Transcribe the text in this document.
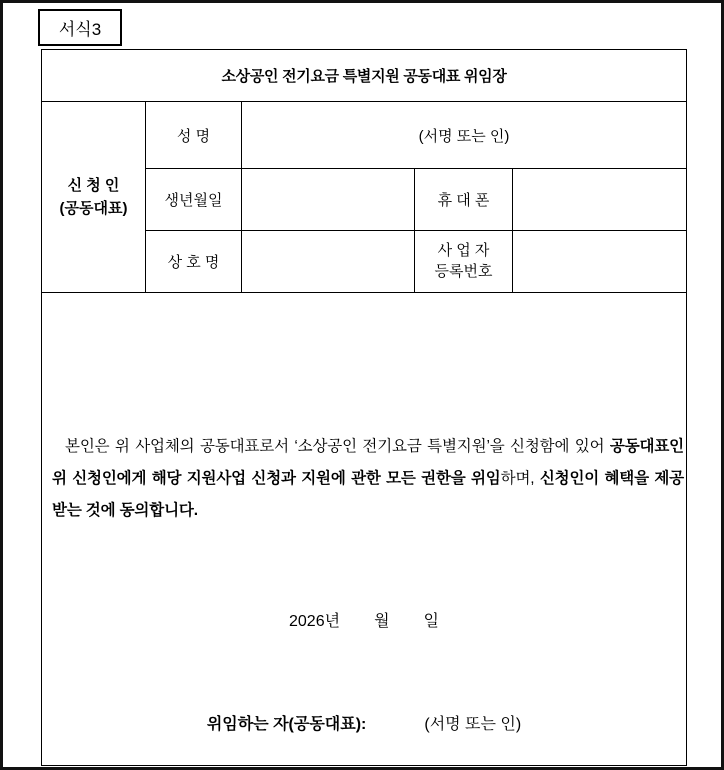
서식3
소상공인 전기요금 특별지원 공동대표 위임장				

신 청 인
(공동대표)	성 명	(서명 또는 인)		
	생년월일		휴 대 폰	
	상 호 명		사 업 자
등록번호	

본인은 위 사업체의 공동대표로서 ‘소상공인 전기요금 특별지원’을 신청함에 있어 공동대표인 위 신청인에게 해당 지원사업 신청과 지원에 관한 모든 권한을 위임하며, 신청인이 혜택을 제공받는 것에 동의합니다.
2026년 월 일
위임하는 자(공동대표): (서명 또는 인)				
